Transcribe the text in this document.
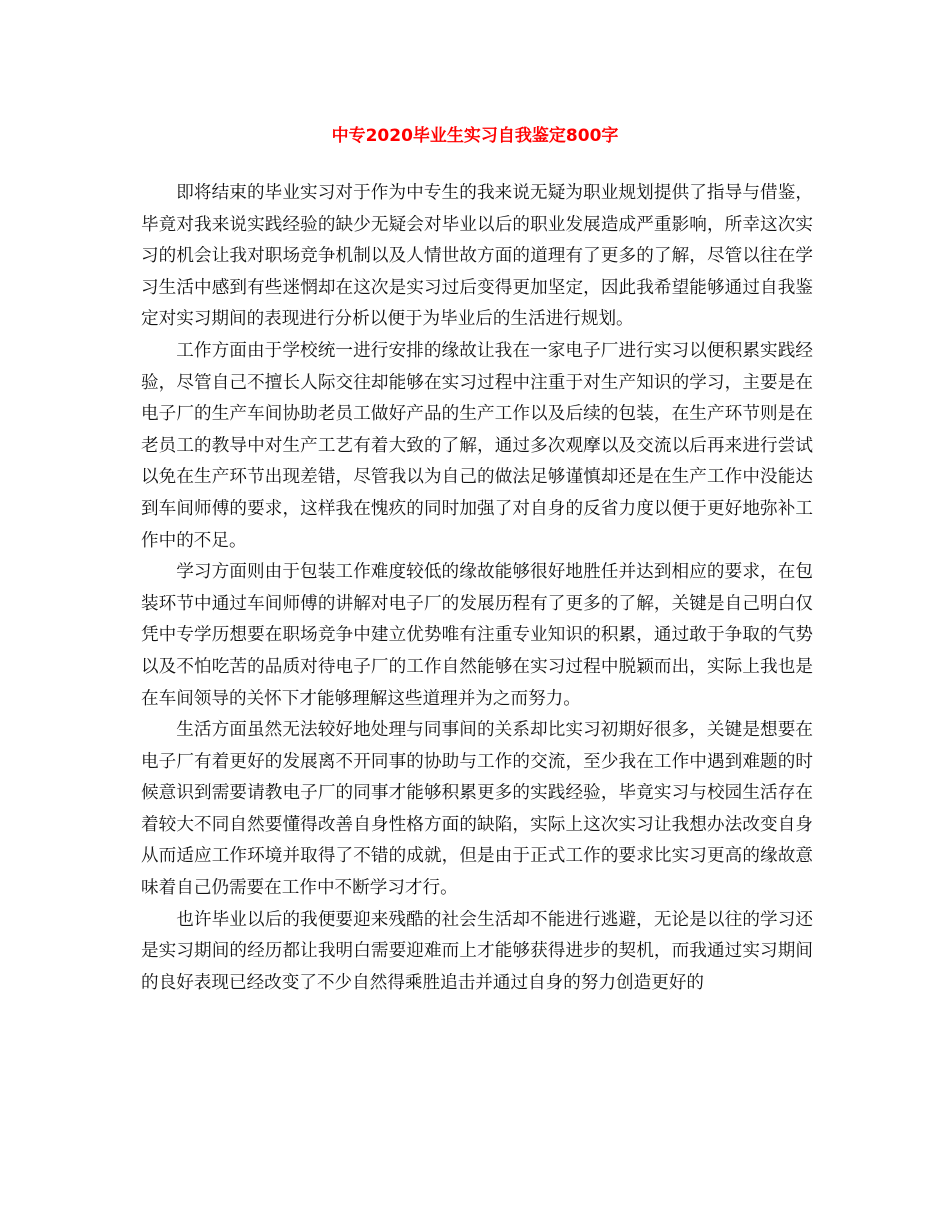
中专2020毕业生实习自我鉴定800字

即将结束的毕业实习对于作为中专生的我来说无疑为职业规划提供了指导与借鉴，毕竟对我来说实践经验的缺少无疑会对毕业以后的职业发展造成严重影响，所幸这次实习的机会让我对职场竞争机制以及人情世故方面的道理有了更多的了解，尽管以往在学习生活中感到有些迷惘却在这次是实习过后变得更加坚定，因此我希望能够通过自我鉴定对实习期间的表现进行分析以便于为毕业后的生活进行规划。

工作方面由于学校统一进行安排的缘故让我在一家电子厂进行实习以便积累实践经验，尽管自己不擅长人际交往却能够在实习过程中注重于对生产知识的学习，主要是在电子厂的生产车间协助老员工做好产品的生产工作以及后续的包装，在生产环节则是在老员工的教导中对生产工艺有着大致的了解，通过多次观摩以及交流以后再来进行尝试以免在生产环节出现差错，尽管我以为自己的做法足够谨慎却还是在生产工作中没能达到车间师傅的要求，这样我在愧疚的同时加强了对自身的反省力度以便于更好地弥补工作中的不足。

学习方面则由于包装工作难度较低的缘故能够很好地胜任并达到相应的要求，在包装环节中通过车间师傅的讲解对电子厂的发展历程有了更多的了解，关键是自己明白仅凭中专学历想要在职场竞争中建立优势唯有注重专业知识的积累，通过敢于争取的气势以及不怕吃苦的品质对待电子厂的工作自然能够在实习过程中脱颖而出，实际上我也是在车间领导的关怀下才能够理解这些道理并为之而努力。

生活方面虽然无法较好地处理与同事间的关系却比实习初期好很多，关键是想要在电子厂有着更好的发展离不开同事的协助与工作的交流，至少我在工作中遇到难题的时候意识到需要请教电子厂的同事才能够积累更多的实践经验，毕竟实习与校园生活存在着较大不同自然要懂得改善自身性格方面的缺陷，实际上这次实习让我想办法改变自身从而适应工作环境并取得了不错的成就，但是由于正式工作的要求比实习更高的缘故意味着自己仍需要在工作中不断学习才行。

也许毕业以后的我便要迎来残酷的社会生活却不能进行逃避，无论是以往的学习还是实习期间的经历都让我明白需要迎难而上才能够获得进步的契机，而我通过实习期间的良好表现已经改变了不少自然得乘胜追击并通过自身的努力创造更好的
